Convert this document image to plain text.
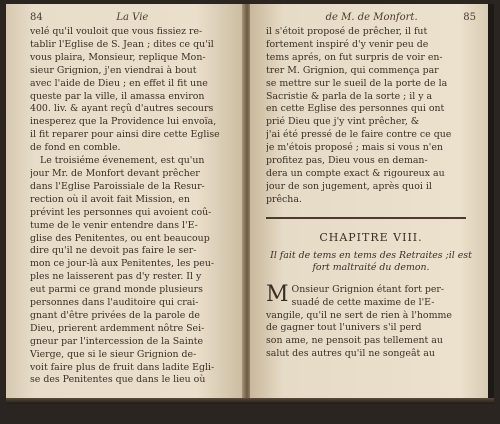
84	La Vie
velé qu'il vouloit que vous fissiez re-
tablir l'Eglise de S. Jean ; dites ce qu'il
vous plaira, Monsieur, replique Mon-
sieur Grignion, j'en viendrai à bout
avec l'aide de Dieu ; en effet il fit une
queste par la ville, il amassa environ
400. liv. & ayant reçû d'autres secours
inesperez que la Providence lui envoïa,
il fit reparer pour ainsi dire cette Eglise
de fond en comble.
Le troisiéme évenement, est qu'un
jour Mr. de Monfort devant prêcher
dans l'Eglise Paroissiale de la Resur-
rection où il avoit fait Mission, en
prévint les personnes qui avoient coû-
tume de le venir entendre dans l'E-
glise des Penitentes, ou ent beaucoup
dire qu'il ne devoit pas faire le ser-
mon ce jour-là aux Penitentes, les peu-
ples ne laisserent pas d'y rester. Il y
eut parmi ce grand monde plusieurs
personnes dans l'auditoire qui crai-
gnant d'être privées de la parole de
Dieu, prierent ardemment nôtre Sei-
gneur par l'intercession de la Sainte
Vierge, que si le sieur Grignion de-
voit faire plus de fruit dans ladite Egli-
se des Penitentes que dans le lieu où
de M. de Monfort.	85
il s'étoit proposé de prêcher, il fut
fortement inspiré d'y venir peu de
tems aprés, on fut surpris de voir en-
trer M. Grignion, qui commença par
se mettre sur le sueil de la porte de la
Sacristie & parla de la sorte ; il y a
en cette Eglise des personnes qui ont
prié Dieu que j'y vint prêcher, &
j'ai été pressé de le faire contre ce que
je m'étois proposé ; mais si vous n'en
profitez pas, Dieu vous en deman-
dera un compte exact & rigoureux au
jour de son jugement, après quoi il
prêcha.
CHAPITRE VIII.
Il fait de tems en tems des Retraites ;il est fort maltraité du demon.
M Onsieur Grignion étant fort per-
suadé de cette maxime de l'E-
vangile, qu'il ne sert de rien à l'homme
de gagner tout l'univers s'il perd
son ame, ne pensoit pas tellement au
salut des autres qu'il ne songeât au
